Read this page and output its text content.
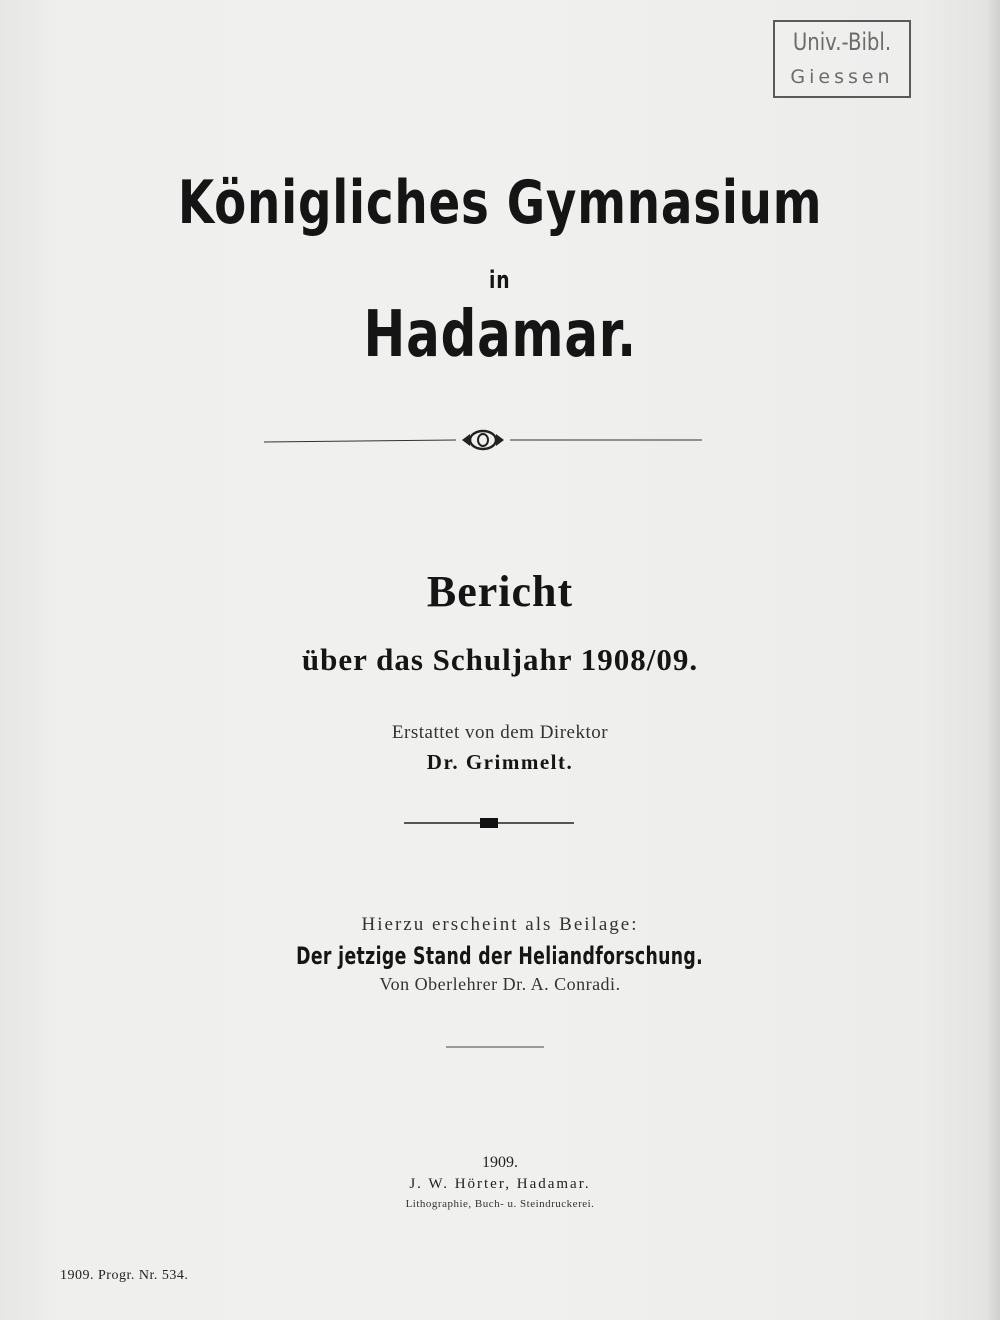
Univ.-Bibl.
Giessen
Königliches Gymnasium
in
Hadamar.
Bericht
über das Schuljahr 1908/09.
Erstattet von dem Direktor
Dr. Grimmelt.
Hierzu erscheint als Beilage:
Der jetzige Stand der Heliandforschung.
Von Oberlehrer Dr. A. Conradi.
1909.
J. W. Hörter, Hadamar.
Lithographie, Buch- u. Steindruckerei.
1909. Progr. Nr. 534.
